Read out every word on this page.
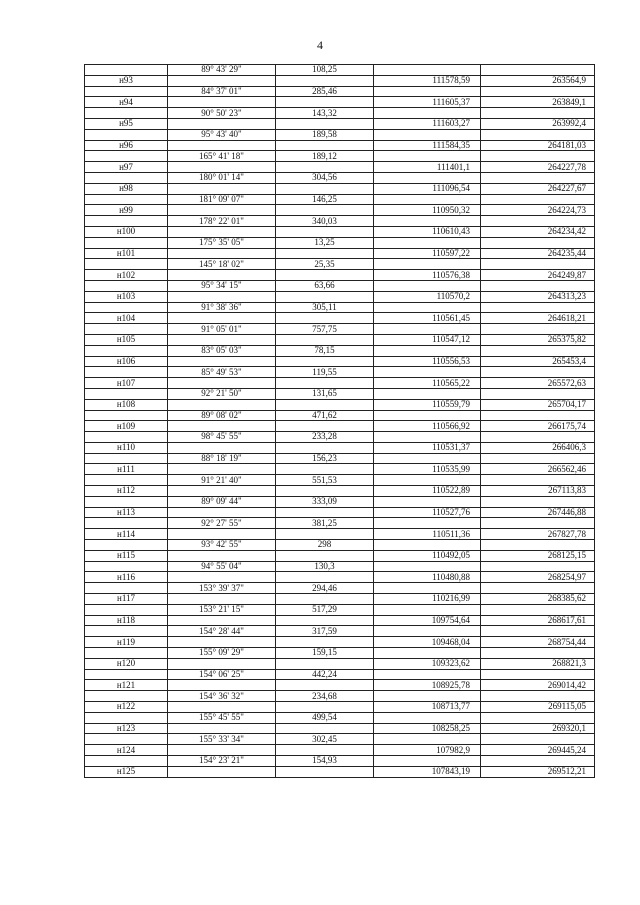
4
	89° 43' 29"	108,25		
н93			111578,59	263564,9
	84° 37' 01"	285,46		
н94			111605,37	263849,1
	90° 50' 23"	143,32		
н95			111603,27	263992,4
	95° 43' 40"	189,58		
н96			111584,35	264181,03
	165° 41' 18"	189,12		
н97			111401,1	264227,78
	180° 01' 14"	304,56		
н98			111096,54	264227,67
	181° 09' 07"	146,25		
н99			110950,32	264224,73
	178° 22' 01"	340,03		
н100			110610,43	264234,42
	175° 35' 05"	13,25		
н101			110597,22	264235,44
	145° 18' 02"	25,35		
н102			110576,38	264249,87
	95° 34' 15"	63,66		
н103			110570,2	264313,23
	91° 38' 36"	305,11		
н104			110561,45	264618,21
	91° 05' 01"	757,75		
н105			110547,12	265375,82
	83° 05' 03"	78,15		
н106			110556,53	265453,4
	85° 49' 53"	119,55		
н107			110565,22	265572,63
	92° 21' 50"	131,65		
н108			110559,79	265704,17
	89° 08' 02"	471,62		
н109			110566,92	266175,74
	98° 45' 55"	233,28		
н110			110531,37	266406,3
	88° 18' 19"	156,23		
н111			110535,99	266562,46
	91° 21' 40"	551,53		
н112			110522,89	267113,83
	89° 09' 44"	333,09		
н113			110527,76	267446,88
	92° 27' 55"	381,25		
н114			110511,36	267827,78
	93° 42' 55"	298		
н115			110492,05	268125,15
	94° 55' 04"	130,3		
н116			110480,88	268254,97
	153° 39' 37"	294,46		
н117			110216,99	268385,62
	153° 21' 15"	517,29		
н118			109754,64	268617,61
	154° 28' 44"	317,59		
н119			109468,04	268754,44
	155° 09' 29"	159,15		
н120			109323,62	268821,3
	154° 06' 25"	442,24		
н121			108925,78	269014,42
	154° 36' 32"	234,68		
н122			108713,77	269115,05
	155° 45' 55"	499,54		
н123			108258,25	269320,1
	155° 33' 34"	302,45		
н124			107982,9	269445,24
	154° 23' 21"	154,93		
н125			107843,19	269512,21
